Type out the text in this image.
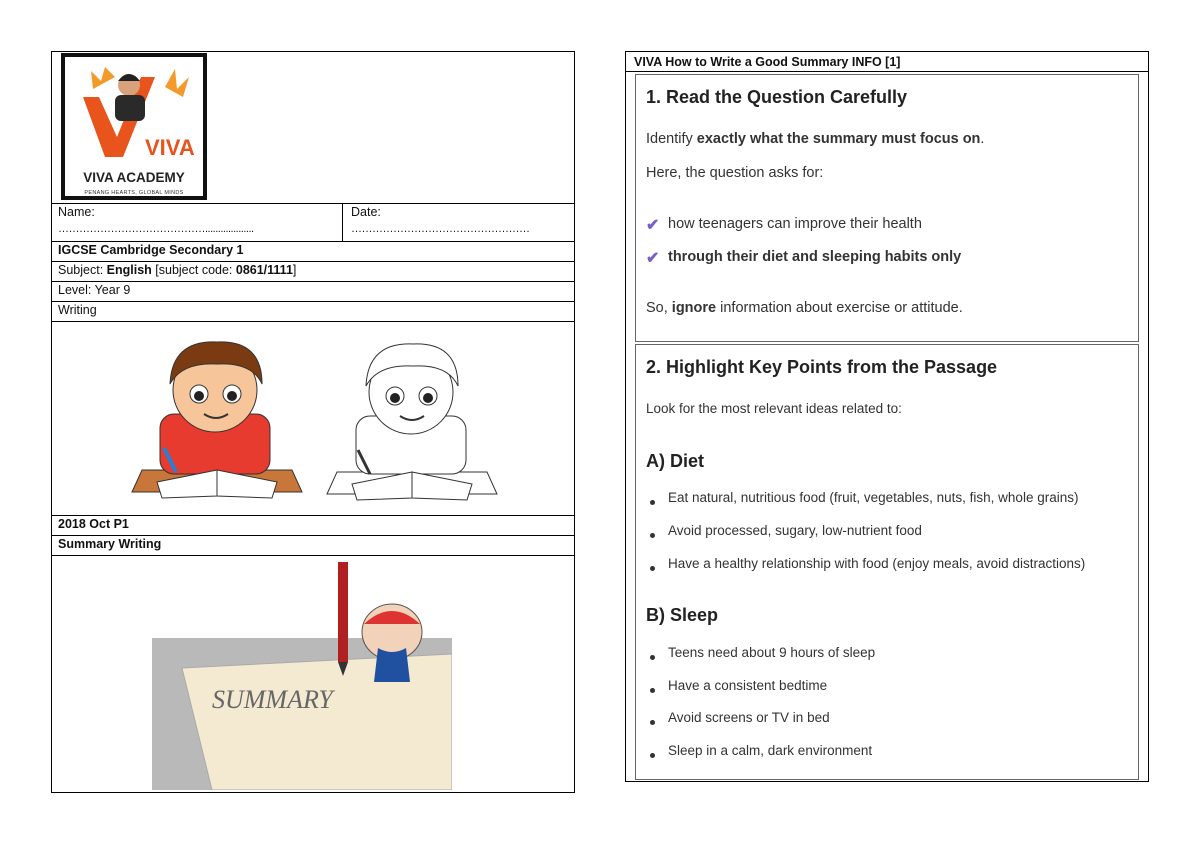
VIVA
VIVA ACADEMY
PENANG HEARTS, GLOBAL MINDS
Name:
……………………………………...................
Date:
……………………………………………
IGCSE Cambridge Secondary 1
Subject: English [subject code: 0861/1111]
Level: Year 9
Writing
2018 Oct P1
Summary Writing
SUMMARY
VIVA How to Write a Good Summary INFO [1]
1. Read the Question Carefully
Identify exactly what the summary must focus on.
Here, the question asks for:
✔ how teenagers can improve their health
✔ through their diet and sleeping habits only
So, ignore information about exercise or attitude.
2. Highlight Key Points from the Passage
Look for the most relevant ideas related to:
A) Diet
Eat natural, nutritious food (fruit, vegetables, nuts, fish, whole grains)
Avoid processed, sugary, low-nutrient food
Have a healthy relationship with food (enjoy meals, avoid distractions)
B) Sleep
Teens need about 9 hours of sleep
Have a consistent bedtime
Avoid screens or TV in bed
Sleep in a calm, dark environment
